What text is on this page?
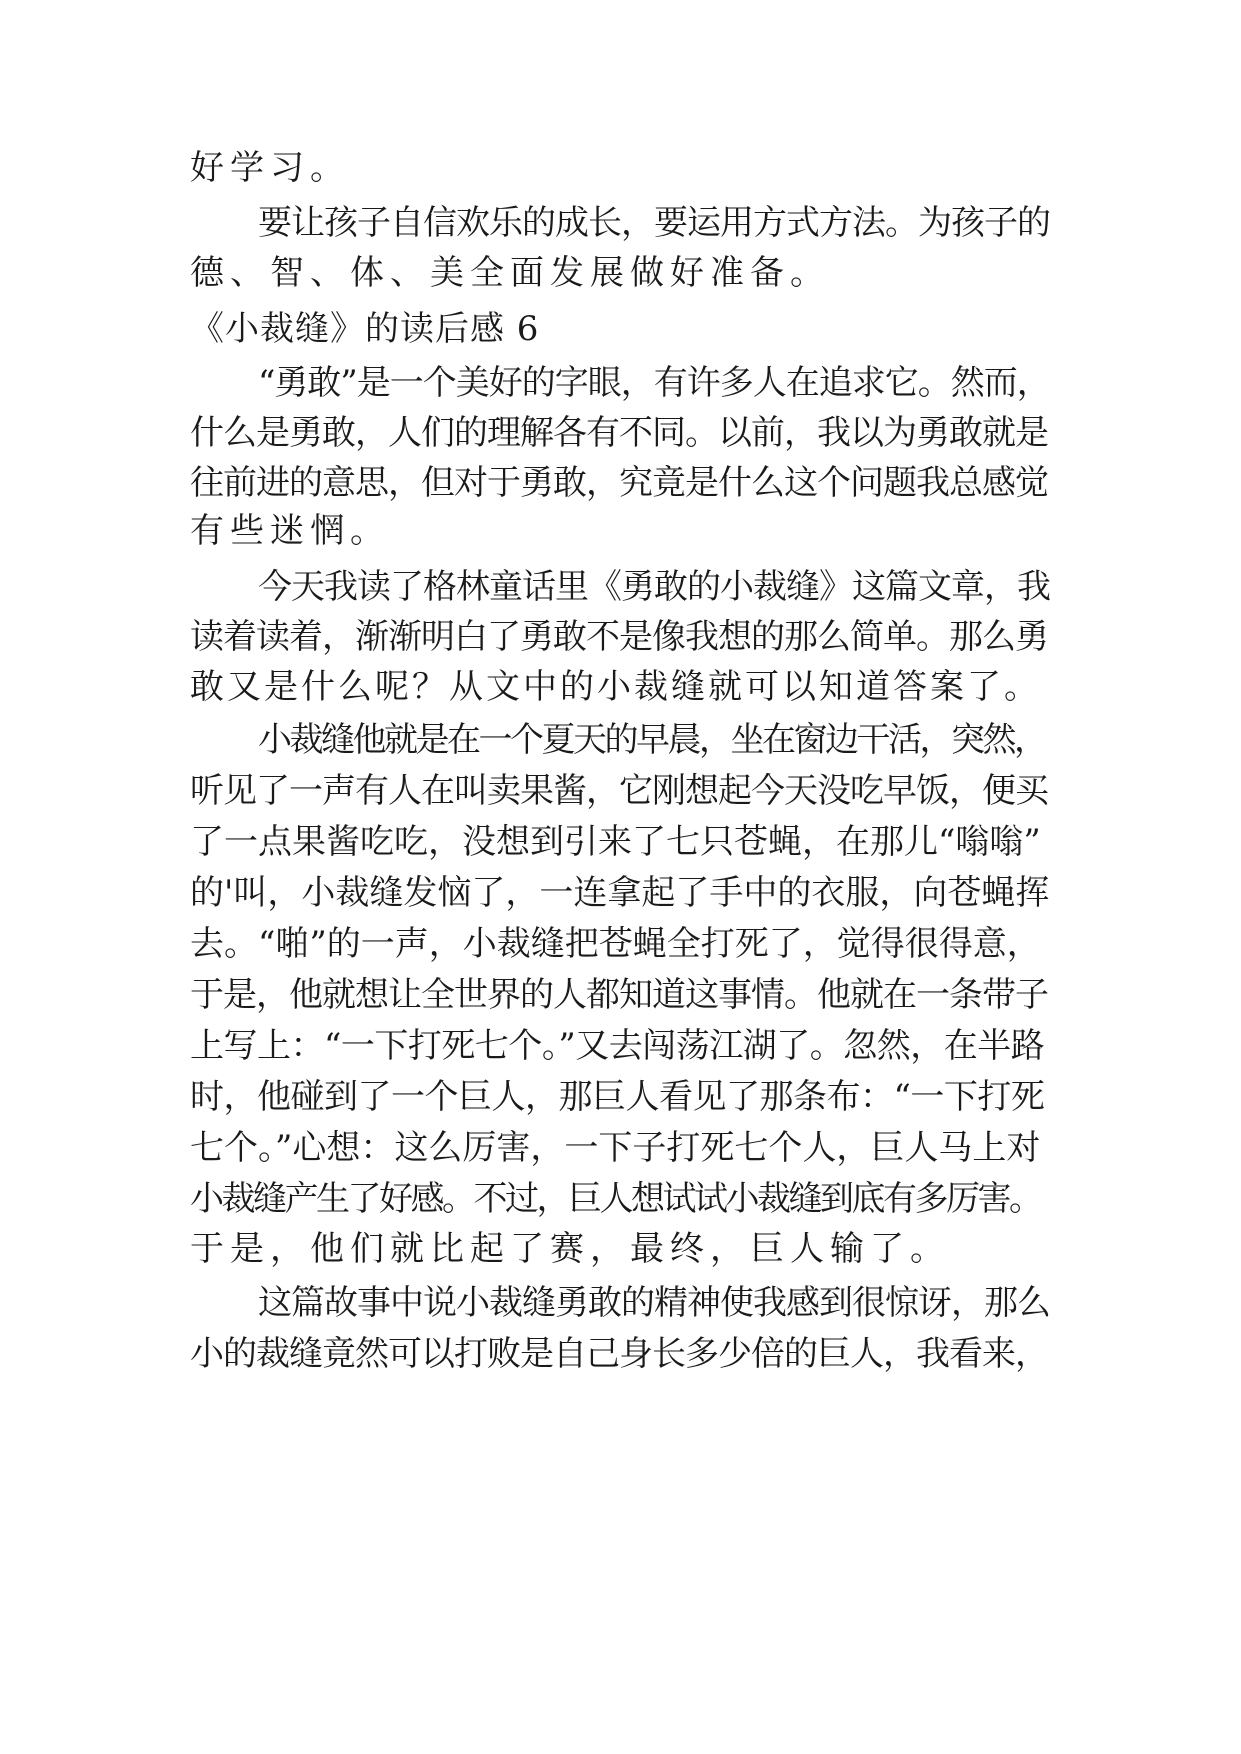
好学习。
要让孩子自信欢乐的成长，要运用方式方法。为孩子的
德、智、体、美全面发展做好准备。
《小裁缝》的读后感 6
“勇敢”是一个美好的字眼，有许多人在追求它。然而，
什么是勇敢，人们的理解各有不同。以前，我以为勇敢就是
往前进的意思，但对于勇敢，究竟是什么这个问题我总感觉
有些迷惘。
今天我读了格林童话里《勇敢的小裁缝》这篇文章，我
读着读着，渐渐明白了勇敢不是像我想的那么简单。那么勇
敢又是什么呢？从文中的小裁缝就可以知道答案了。
小裁缝他就是在一个夏天的早晨，坐在窗边干活，突然，
听见了一声有人在叫卖果酱，它刚想起今天没吃早饭，便买
了一点果酱吃吃，没想到引来了七只苍蝇，在那儿“嗡嗡”
的'叫，小裁缝发恼了，一连拿起了手中的衣服，向苍蝇挥
去。“啪”的一声，小裁缝把苍蝇全打死了，觉得很得意，
于是，他就想让全世界的人都知道这事情。他就在一条带子
上写上：“一下打死七个。”又去闯荡江湖了。忽然，在半路
时，他碰到了一个巨人，那巨人看见了那条布：“一下打死
七个。”心想：这么厉害，一下子打死七个人，巨人马上对
小裁缝产生了好感。不过，巨人想试试小裁缝到底有多厉害。
于是，他们就比起了赛，最终，巨人输了。
这篇故事中说小裁缝勇敢的精神使我感到很惊讶，那么
小的裁缝竟然可以打败是自己身长多少倍的巨人，我看来，
